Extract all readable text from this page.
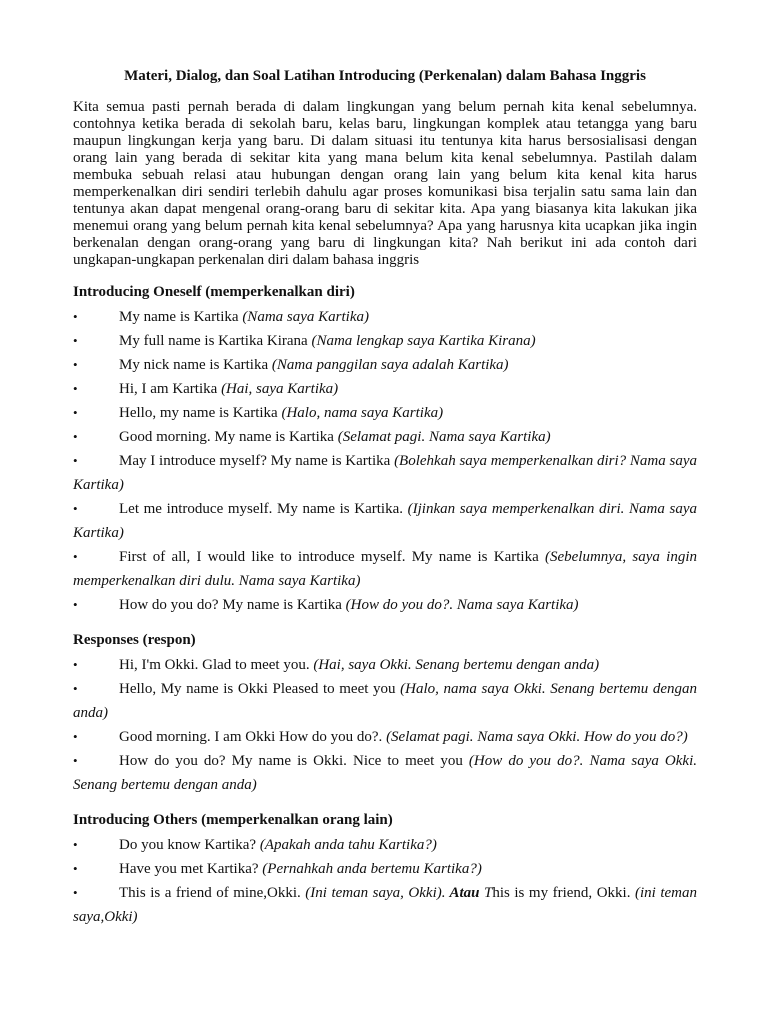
Materi, Dialog, dan Soal Latihan Introducing (Perkenalan) dalam Bahasa Inggris

Kita semua pasti pernah berada di dalam lingkungan yang belum pernah kita kenal sebelumnya. contohnya ketika berada di sekolah baru, kelas baru, lingkungan komplek atau tetangga yang baru maupun lingkungan kerja yang baru. Di dalam situasi itu tentunya kita harus bersosialisasi dengan orang lain yang berada di sekitar kita yang mana belum kita kenal sebelumnya. Pastilah dalam membuka sebuah relasi atau hubungan dengan orang lain yang belum kita kenal kita harus memperkenalkan diri sendiri terlebih dahulu agar proses komunikasi bisa terjalin satu sama lain dan tentunya akan dapat mengenal orang-orang baru di sekitar kita. Apa yang biasanya kita lakukan jika menemui orang yang belum pernah kita kenal sebelumnya? Apa yang harusnya kita ucapkan jika ingin berkenalan dengan orang-orang yang baru di lingkungan kita? Nah berikut ini ada contoh dari ungkapan-ungkapan perkenalan diri dalam bahasa inggris

Introducing Oneself (memperkenalkan diri)
•	My name is Kartika (Nama saya Kartika)
•	My full name is Kartika Kirana (Nama lengkap saya Kartika Kirana)
•	My nick name is Kartika (Nama panggilan saya adalah Kartika)
•	Hi, I am Kartika (Hai, saya Kartika)
•	Hello, my name is Kartika (Halo, nama saya Kartika)
•	Good morning. My name is Kartika (Selamat pagi. Nama saya Kartika)
•	May I introduce myself? My name is Kartika (Bolehkah saya memperkenalkan diri? Nama saya Kartika)
•	Let me introduce myself. My name is Kartika. (Ijinkan saya memperkenalkan diri. Nama saya Kartika)
•	First of all, I would like to introduce myself. My name is Kartika (Sebelumnya, saya ingin memperkenalkan diri dulu. Nama saya Kartika)
•	How do you do? My name is Kartika (How do you do?. Nama saya Kartika)
Responses (respon)
•	Hi, I'm Okki. Glad to meet you. (Hai, saya Okki. Senang bertemu dengan anda)
•	Hello, My name is Okki Pleased to meet you (Halo, nama saya Okki. Senang bertemu dengan anda)
•	Good morning. I am Okki How do you do?. (Selamat pagi. Nama saya Okki. How do you do?)
•	How do you do? My name is Okki. Nice to meet you (How do you do?. Nama saya Okki. Senang bertemu dengan anda)
Introducing Others (memperkenalkan orang lain)
•	Do you know Kartika? (Apakah anda tahu Kartika?)
•	Have you met Kartika? (Pernahkah anda bertemu Kartika?)
•	This is a friend of mine,Okki. (Ini teman saya, Okki). Atau This is my friend, Okki. (ini teman saya,Okki)
